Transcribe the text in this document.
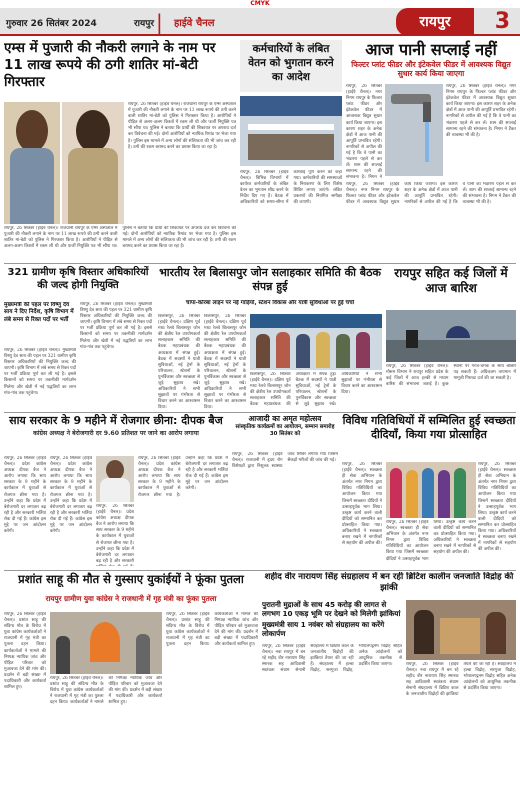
CMYK
गुरुवार 26 सितंबर 2024	रायपुर | हाईवे चैनल	रायपुर	3
एम्स में पुजारी की नौकरी लगाने के नाम पर 11 लाख रूपये की ठगी शातिर मां-बेटी गिरफ्तार
रायपुर, 26 सितंबर (हाईवे चैनल)। राजधानी रायपुर के एम्स अस्पताल में पुजारी की नौकरी लगाने के नाम पर 11 लाख रूपये की ठगी करने वाली शातिर मां-बेटी को पुलिस ने गिरफ्तार किया है। आरोपियों ने पीड़ित से अलग-अलग किश्तों में रकम ली थी और फर्जी नियुक्ति पत्र भी सौंपा था। पुलिस ने बताया कि प्रार्थी की शिकायत पर अपराध दर्ज कर विवेचना की गई। दोनों आरोपियों को न्यायिक रिमांड पर भेजा गया है। पुलिस इस मामले में अन्य लोगों की संलिप्तता की भी जांच कर रही है। ठगी की रकम बरामद करने का प्रयास किया जा रहा है।
रायपुर, 26 सितंबर (हाईवे चैनल)। राजधानी रायपुर के एम्स अस्पताल में पुजारी की नौकरी लगाने के नाम पर 11 लाख रूपये की ठगी करने वाली शातिर मां-बेटी को पुलिस ने गिरफ्तार किया है। आरोपियों ने पीड़ित से अलग-अलग किश्तों में रकम ली थी और फर्जी नियुक्ति पत्र भी सौंपा था। पुलिस ने बताया कि प्रार्थी की शिकायत पर अपराध दर्ज कर विवेचना की गई। दोनों आरोपियों को न्यायिक रिमांड पर भेजा गया है। पुलिस इस मामले में अन्य लोगों की संलिप्तता की भी जांच कर रही है। ठगी की रकम बरामद करने का प्रयास किया जा रहा है।
कर्मचारियों के लंबित वेतन को भुगतान करने का आदेश
रायपुर, 26 सितंबर (हाईवे चैनल)। विभिन्न विभागों में कार्यरत कर्मचारियों के लंबित वेतन का भुगतान शीघ्र करने के निर्देश दिए गए हैं। बैठक में अधिकारियों को समय-सीमा में कार्रवाई पूर्ण करने को कहा गया। कर्मचारियों की समस्याओं के निराकरण के लिए विशेष शिविर लगाए जाएंगे। लंबित प्रकरणों की नियमित समीक्षा की जाएगी।
आज पानी सप्लाई नहीं
फिल्टर प्लांट फीडर और इंटेकवेल फीडर में आवश्यक विद्युत सुधार कार्य किया जाएगा
रायपुर, 26 सितंबर (हाईवे चैनल)। नगर निगम रायपुर के फिल्टर प्लांट फीडर और इंटेकवेल फीडर में आवश्यक विद्युत सुधार कार्य किया जाएगा। इस कारण शहर के अनेक क्षेत्रों में आज पानी की आपूर्ति प्रभावित रहेगी। नागरिकों से अपील की गई है कि वे पानी का भंडारण पहले से कर लें। शाम की सप्लाई सामान्य रहने की संभावना है। निगम ने
रायपुर, 26 सितंबर (हाईवे चैनल)। नगर निगम रायपुर के फिल्टर प्लांट फीडर और इंटेकवेल फीडर में आवश्यक विद्युत सुधार कार्य किया जाएगा। इस कारण शहर के अनेक क्षेत्रों में आज पानी की आपूर्ति प्रभावित रहेगी। नागरिकों से अपील की गई है कि वे पानी का भंडारण पहले से कर लें। शाम की सप्लाई सामान्य रहने की संभावना है। निगम ने टैंकर की व्यवस्था भी की है।
रायपुर, 26 सितंबर (हाईवे चैनल)। नगर निगम रायपुर के फिल्टर प्लांट फीडर और इंटेकवेल फीडर में आवश्यक विद्युत सुधार कार्य किया जाएगा। इस कारण शहर के अनेक क्षेत्रों में आज पानी की आपूर्ति प्रभावित रहेगी। नागरिकों से अपील की गई है कि वे पानी का भंडारण पहले से कर लें। शाम की सप्लाई सामान्य रहने की संभावना है। निगम ने टैंकर की व्यवस्था भी की है।
321 ग्रामीण कृषि विस्तार अधिकारियों की जल्द होगी नियुक्ति
मुख्यमंत्री की पहल पर विष्णु देव साय ने दिए निर्देश, कृषि विभाग में लंबे समय से रिक्त पदों पर भर्ती
रायपुर, 26 सितंबर (हाईवे चैनल)। मुख्यमंत्री विष्णु देव साय की पहल पर 321 ग्रामीण कृषि विस्तार अधिकारियों की नियुक्ति जल्द की जाएगी। कृषि विभाग में लंबे समय से रिक्त पदों पर भर्ती प्रक्रिया पूर्ण कर ली गई है। इससे किसानों को समय पर तकनीकी मार्गदर्शन मिलेगा और खेती में नई पद्धतियों का लाभ गांव-गांव तक पहुंचेगा।
रायपुर, 26 सितंबर (हाईवे चैनल)। मुख्यमंत्री विष्णु देव साय की पहल पर 321 ग्रामीण कृषि विस्तार अधिकारियों की नियुक्ति जल्द की जाएगी। कृषि विभाग में लंबे समय से रिक्त पदों पर भर्ती प्रक्रिया पूर्ण कर ली गई है। इससे किसानों को समय पर तकनीकी मार्गदर्शन मिलेगा और खेती में नई पद्धतियों का लाभ गांव-गांव तक पहुंचेगा।
भारतीय रेल बिलासपुर जोन सलाहकार समिति की बैठक संपन्न हुई
चांपा-कोरबा लाइन पर नई गाड़ियों, स्टेशन विकास और यात्री सुविधाओं पर हुई चर्चा
बिलासपुर, 26 सितंबर (हाईवे चैनल)। दक्षिण पूर्व मध्य रेलवे बिलासपुर जोन की क्षेत्रीय रेल उपयोगकर्ता सलाहकार समिति की बैठक महाप्रबंधक की अध्यक्षता में संपन्न हुई। बैठक में सदस्यों ने यात्री सुविधाओं, नई ट्रेनों के परिचालन, स्टेशनों के पुनर्विकास और स्वच्छता से जुड़े सुझाव रखे। अधिकारियों ने सभी सुझावों पर गंभीरता से विचार करने का आश्वासन दिया।
बिलासपुर, 26 सितंबर (हाईवे चैनल)। दक्षिण पूर्व मध्य रेलवे बिलासपुर जोन की क्षेत्रीय रेल उपयोगकर्ता सलाहकार समिति की बैठक महाप्रबंधक की अध्यक्षता में संपन्न हुई। बैठक में सदस्यों ने यात्री सुविधाओं, नई ट्रेनों के परिचालन, स्टेशनों के पुनर्विकास और स्वच्छता से जुड़े सुझाव रखे। अधिकारियों ने सभी सुझावों पर गंभीरता से विचार करने का आश्वासन दिया।
बिलासपुर, 26 सितंबर (हाईवे चैनल)। दक्षिण पूर्व मध्य रेलवे बिलासपुर जोन की क्षेत्रीय रेल उपयोगकर्ता सलाहकार समिति की बैठक महाप्रबंधक की अध्यक्षता में संपन्न हुई। बैठक में सदस्यों ने यात्री सुविधाओं, नई ट्रेनों के परिचालन, स्टेशनों के पुनर्विकास और स्वच्छता से जुड़े सुझाव रखे। अधिकारियों ने सभी सुझावों पर गंभीरता से विचार करने का आश्वासन दिया।
रायपुर सहित कई जिलों में आज बारिश
रायपुर, 26 सितंबर (हाईवे चैनल)। मौसम विभाग ने रायपुर सहित प्रदेश के कई जिलों में आज हल्की से मध्यम बारिश की संभावना जताई है। कुछ स्थानों पर गरज-चमक के साथ बौछारें पड़ सकती हैं। अधिकतम तापमान में मामूली गिरावट दर्ज की जा सकती है।
साय सरकार के 9 महीने में रोजगार छीना: दीपक बैज
कांग्रेस अध्यक्ष ने बेरोजगारी दर 9.60 प्रतिशत पर जाने का आरोप लगाया
रायपुर, 26 सितंबर (हाईवे चैनल)। प्रदेश कांग्रेस अध्यक्ष दीपक बैज ने आरोप लगाया कि साय सरकार के 9 महीने के कार्यकाल में युवाओं से रोजगार छीना गया है। उन्होंने कहा कि प्रदेश में बेरोजगारी दर लगातार बढ़ रही है और सरकारी भर्तियां रोक दी गई हैं। कांग्रेस इस मुद्दे पर जन आंदोलन करेगी।
रायपुर, 26 सितंबर (हाईवे चैनल)। प्रदेश कांग्रेस अध्यक्ष दीपक बैज ने आरोप लगाया कि साय सरकार के 9 महीने के कार्यकाल में युवाओं से रोजगार छीना गया है। उन्होंने कहा कि प्रदेश में बेरोजगारी दर लगातार बढ़ रही है और सरकारी भर्तियां रोक दी गई हैं। कांग्रेस इस मुद्दे पर जन आंदोलन करेगी।
रायपुर, 26 सितंबर (हाईवे चैनल)। प्रदेश कांग्रेस अध्यक्ष दीपक बैज ने आरोप लगाया कि साय सरकार के 9 महीने के कार्यकाल में युवाओं से रोजगार छीना गया है। उन्होंने कहा कि प्रदेश में बेरोजगारी दर लगातार बढ़ रही है और सरकारी
रायपुर, 26 सितंबर (हाईवे चैनल)। प्रदेश कांग्रेस अध्यक्ष दीपक बैज ने आरोप लगाया कि साय सरकार के 9 महीने के कार्यकाल में युवाओं से रोजगार छीना गया है। उन्होंने कहा कि प्रदेश में बेरोजगारी दर लगातार बढ़ रही है और सरकारी भर्तियां रोक दी गई हैं। कांग्रेस इस मुद्दे पर जन आंदोलन करेगी।
आजादी का अमृत महोत्सव
सांस्कृतिक कार्यक्रमों का आयोजन, सम्मान समारोह 30 सितंबर को
रायपुर, 26 सितंबर (हाईवे चैनल)। राजधानी में हृदय रोग विशेषज्ञों द्वारा निशुल्क स्वास्थ्य जांच शिविर लगाया गया जिसमें सैकड़ों मरीजों की जांच की गई।
विविध गतिविधियों में सम्मिलित हुई स्वच्छता दीदियाँ, किया गया प्रोत्साहित
रायपुर, 26 सितंबर (हाईवे चैनल)। स्वच्छता ही सेवा अभियान के अंतर्गत नगर निगम द्वारा विविध गतिविधियों का आयोजन किया गया जिसमें स्वच्छता दीदियों ने उत्साहपूर्वक भाग लिया। उत्कृष्ट कार्य करने वाली दीदियों को सम्मानित कर प्रोत्साहित किया गया। अधिकारियों ने स्वच्छता बनाए रखने में नागरिकों से सहयोग की अपील की।
रायपुर, 26 सितंबर (हाईवे चैनल)। स्वच्छता ही सेवा अभियान के अंतर्गत नगर निगम द्वारा विविध गतिविधियों का आयोजन किया गया जिसमें स्वच्छता दीदियों ने उत्साहपूर्वक भाग लिया। उत्कृष्ट कार्य करने वाली दीदियों को सम्मानित कर प्रोत्साहित किया गया। अधिकारियों ने स्वच्छता बनाए रखने में नागरिकों से सहयोग की अपील की।
रायपुर, 26 सितंबर (हाईवे चैनल)। स्वच्छता ही सेवा अभियान के अंतर्गत नगर निगम द्वारा विविध गतिविधियों का आयोजन किया गया जिसमें स्वच्छता दीदियों ने उत्साहपूर्वक भाग लिया। उत्कृष्ट कार्य करने वाली दीदियों को सम्मानित कर प्रोत्साहित किया गया। अधिकारियों ने स्वच्छता बनाए रखने में नागरिकों से सहयोग की अपील की।
प्रशांत साहू की मौत से गुस्साए युकांईयों ने फूंका पुतला
रायपुर ग्रामीण युवा कांग्रेस ने राजधानी में गृह मंत्री का फूंका पुतला
रायपुर, 26 सितंबर (हाईवे चैनल)। प्रशांत साहू की संदिग्ध मौत के विरोध में युवा कांग्रेस कार्यकर्ताओं ने राजधानी में गृह मंत्री का पुतला दहन किया। कार्यकर्ताओं ने मामले की निष्पक्ष न्यायिक जांच और पीड़ित परिवार को मुआवजा देने की मांग की। प्रदर्शन में बड़ी संख्या में पदाधिकारी और कार्यकर्ता शामिल हुए।
रायपुर, 26 सितंबर (हाईवे चैनल)। प्रशांत साहू की संदिग्ध मौत के विरोध में युवा कांग्रेस कार्यकर्ताओं ने राजधानी में गृह मंत्री का पुतला दहन किया। कार्यकर्ताओं ने मामले की निष्पक्ष न्यायिक जांच और पीड़ित परिवार को मुआवजा देने की मांग की। प्रदर्शन में बड़ी संख्या में पदाधिकारी और कार्यकर्ता शामिल हुए।
रायपुर, 26 सितंबर (हाईवे चैनल)। प्रशांत साहू की संदिग्ध मौत के विरोध में युवा कांग्रेस कार्यकर्ताओं ने राजधानी में गृह मंत्री का पुतला दहन किया। कार्यकर्ताओं ने मामले की निष्पक्ष न्यायिक जांच और पीड़ित परिवार को मुआवजा देने की मांग की। प्रदर्शन में बड़ी संख्या में पदाधिकारी और कार्यकर्ता शामिल हुए।
शहीद वीर नारायण सिंह संग्रहालय में बन रही ब्रिटिश कालीन जनजाति विद्रोह की झांकी
पुरातनी मुद्राओं के साथ 45 करोड़ की लागत से लगभग 10 एकड़ भूमि पर देखने को मिलेगी झांकियां
मुख्यमंत्री साय 1 नवंबर को संग्रहालय का करेंगे लोकार्पण
रायपुर, 26 सितंबर (हाईवे चैनल)। नवा रायपुर में बन रहे शहीद वीर नारायण सिंह स्मारक सह आदिवासी स्वतंत्रता संग्राम सेनानी संग्रहालय में ब्रिटिश काल के जनजातीय विद्रोहों की झांकियां तैयार की जा रही हैं। संग्रहालय में हल्बा विद्रोह, सरगुजा विद्रोह, भोपालपट्टनम विद्रोह सहित अनेक आंदोलनों को आधुनिक तकनीक से प्रदर्शित किया जाएगा।	रायपुर, 26 सितंबर (हाईवे चैनल)। नवा रायपुर में बन रहे शहीद वीर नारायण सिंह स्मारक सह आदिवासी स्वतंत्रता संग्राम सेनानी संग्रहालय में ब्रिटिश काल के जनजातीय विद्रोहों की झांकियां तैयार की जा रही हैं। संग्रहालय में हल्बा विद्रोह, सरगुजा विद्रोह, भोपालपट्टनम विद्रोह सहित अनेक आंदोलनों को आधुनिक तकनीक से प्रदर्शित किया जाएगा।
